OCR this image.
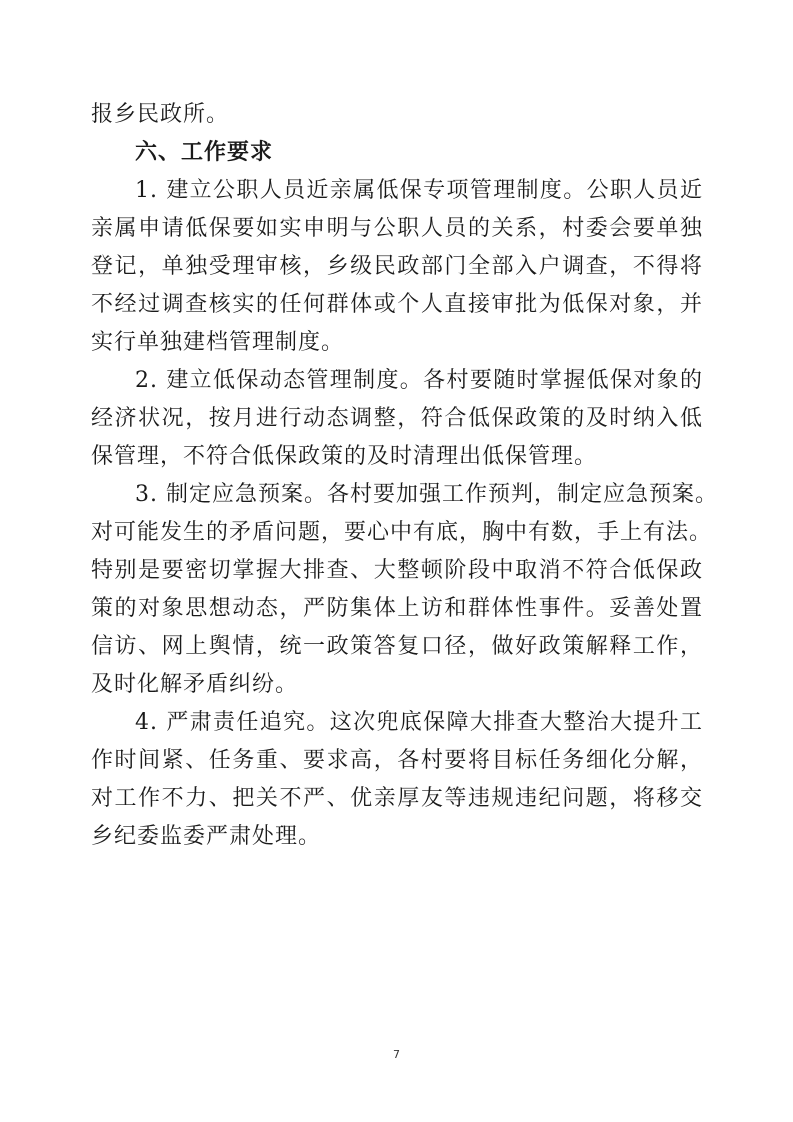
报乡民政所。
六、工作要求
1. 建立公职人员近亲属低保专项管理制度。公职人员近
亲属申请低保要如实申明与公职人员的关系，村委会要单独
登记，单独受理审核，乡级民政部门全部入户调查，不得将
不经过调查核实的任何群体或个人直接审批为低保对象，并
实行单独建档管理制度。
2. 建立低保动态管理制度。各村要随时掌握低保对象的
经济状况，按月进行动态调整，符合低保政策的及时纳入低
保管理，不符合低保政策的及时清理出低保管理。
3. 制定应急预案。各村要加强工作预判，制定应急预案。
对可能发生的矛盾问题，要心中有底，胸中有数，手上有法。
特别是要密切掌握大排查、大整顿阶段中取消不符合低保政
策的对象思想动态，严防集体上访和群体性事件。妥善处置
信访、网上舆情，统一政策答复口径，做好政策解释工作，
及时化解矛盾纠纷。
4. 严肃责任追究。这次兜底保障大排查大整治大提升工
作时间紧、任务重、要求高，各村要将目标任务细化分解，
对工作不力、把关不严、优亲厚友等违规违纪问题，将移交
乡纪委监委严肃处理。
7
